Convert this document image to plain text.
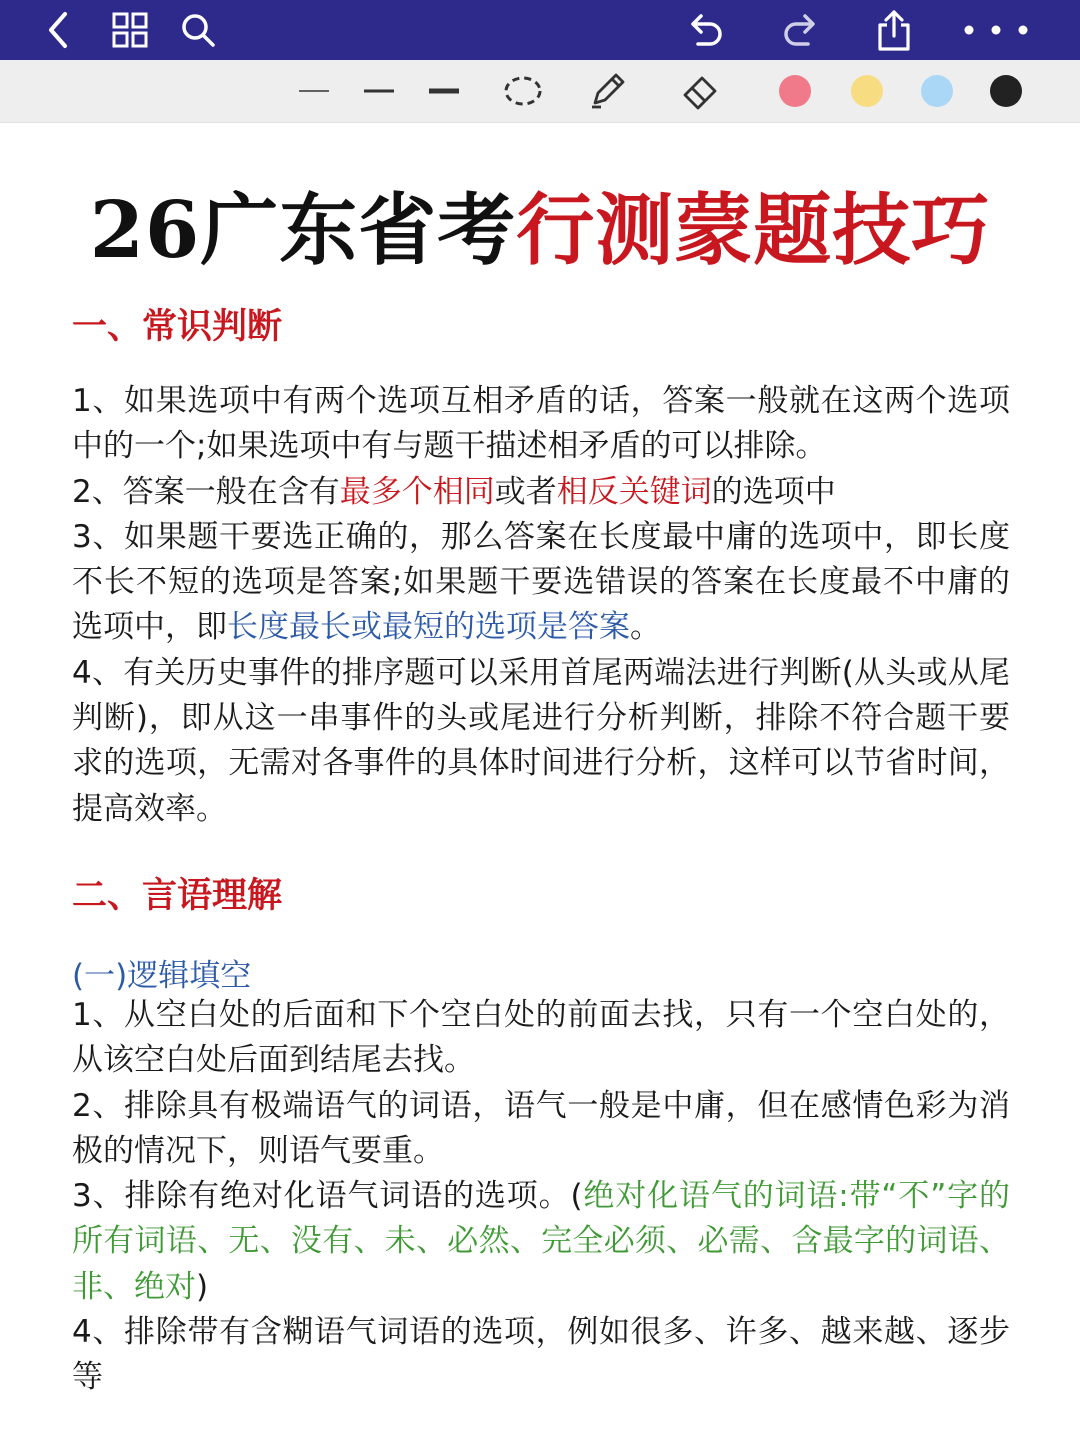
26广东省考行测蒙题技巧
一、常识判断
1、如果选项中有两个选项互相矛盾的话，答案一般就在这两个选项中的一个;如果选项中有与题干描述相矛盾的可以排除。
2、答案一般在含有最多个相同或者相反关键词的选项中
3、如果题干要选正确的，那么答案在长度最中庸的选项中，即长度不长不短的选项是答案;如果题干要选错误的答案在长度最不中庸的选项中，即长度最长或最短的选项是答案。
4、有关历史事件的排序题可以采用首尾两端法进行判断(从头或从尾判断)，即从这一串事件的头或尾进行分析判断，排除不符合题干要求的选项，无需对各事件的具体时间进行分析，这样可以节省时间，提高效率。
二、言语理解
(一)逻辑填空
1、从空白处的后面和下个空白处的前面去找，只有一个空白处的，从该空白处后面到结尾去找。
2、排除具有极端语气的词语，语气一般是中庸，但在感情色彩为消极的情况下，则语气要重。
3、排除有绝对化语气词语的选项。(绝对化语气的词语:带“不”字的所有词语、无、没有、未、必然、完全必须、必需、含最字的词语、非、绝对)
4、排除带有含糊语气词语的选项，例如很多、许多、越来越、逐步等
